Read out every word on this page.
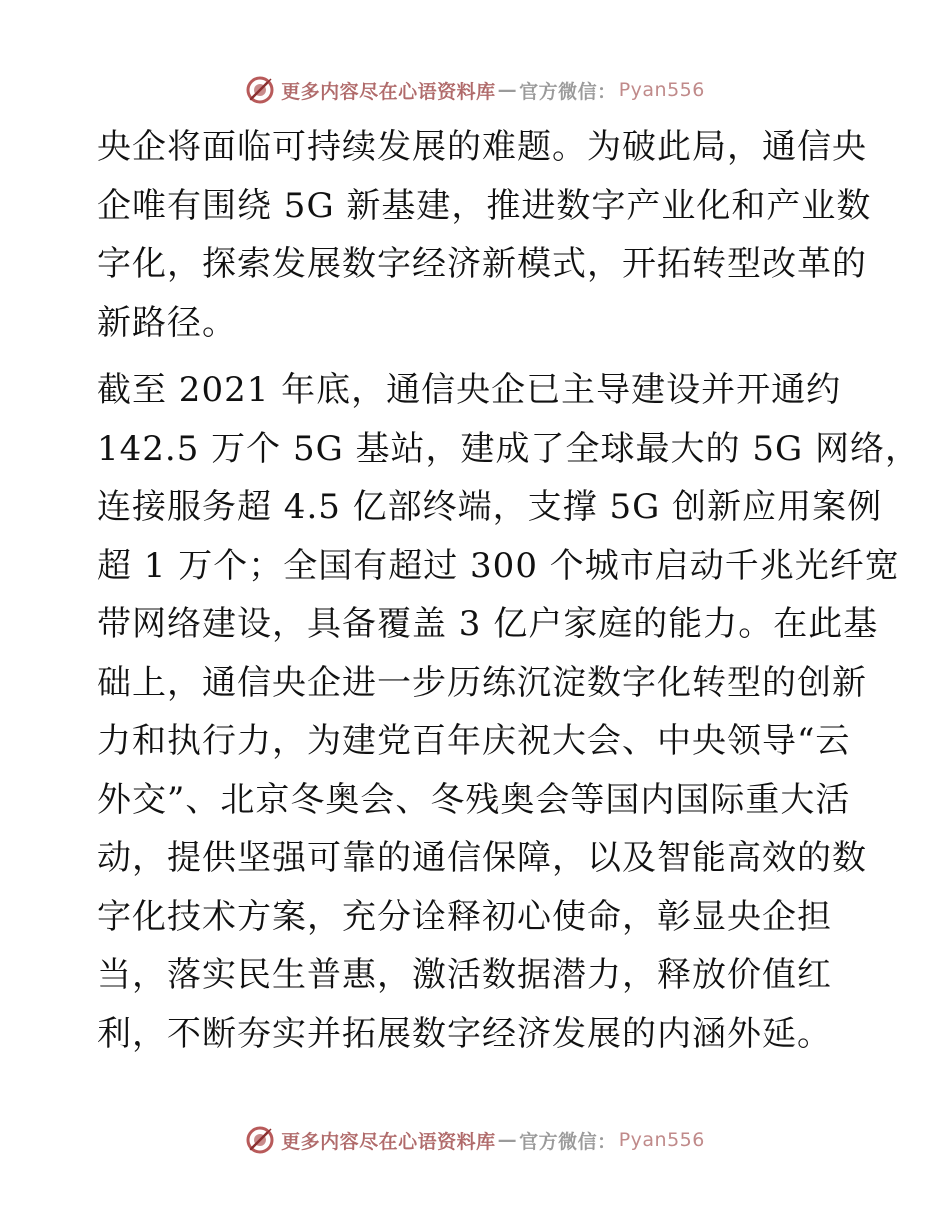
更多内容尽在心语资料库 — 官方微信： Pyan556

央企将面临可持续发展的难题。为破此局，通信央
企唯有围绕 5G 新基建，推进数字产业化和产业数
字化，探索发展数字经济新模式，开拓转型改革的
新路径。

截至 2021 年底，通信央企已主导建设并开通约
142.5 万个 5G 基站，建成了全球最大的 5G 网络，
连接服务超 4.5 亿部终端，支撑 5G 创新应用案例
超 1 万个；全国有超过 300 个城市启动千兆光纤宽
带网络建设，具备覆盖 3 亿户家庭的能力。在此基
础上，通信央企进一步历练沉淀数字化转型的创新
力和执行力，为建党百年庆祝大会、中央领导“云
外交”、北京冬奥会、冬残奥会等国内国际重大活
动，提供坚强可靠的通信保障，以及智能高效的数
字化技术方案，充分诠释初心使命，彰显央企担
当，落实民生普惠，激活数据潜力，释放价值红
利，不断夯实并拓展数字经济发展的内涵外延。

更多内容尽在心语资料库 — 官方微信： Pyan556
